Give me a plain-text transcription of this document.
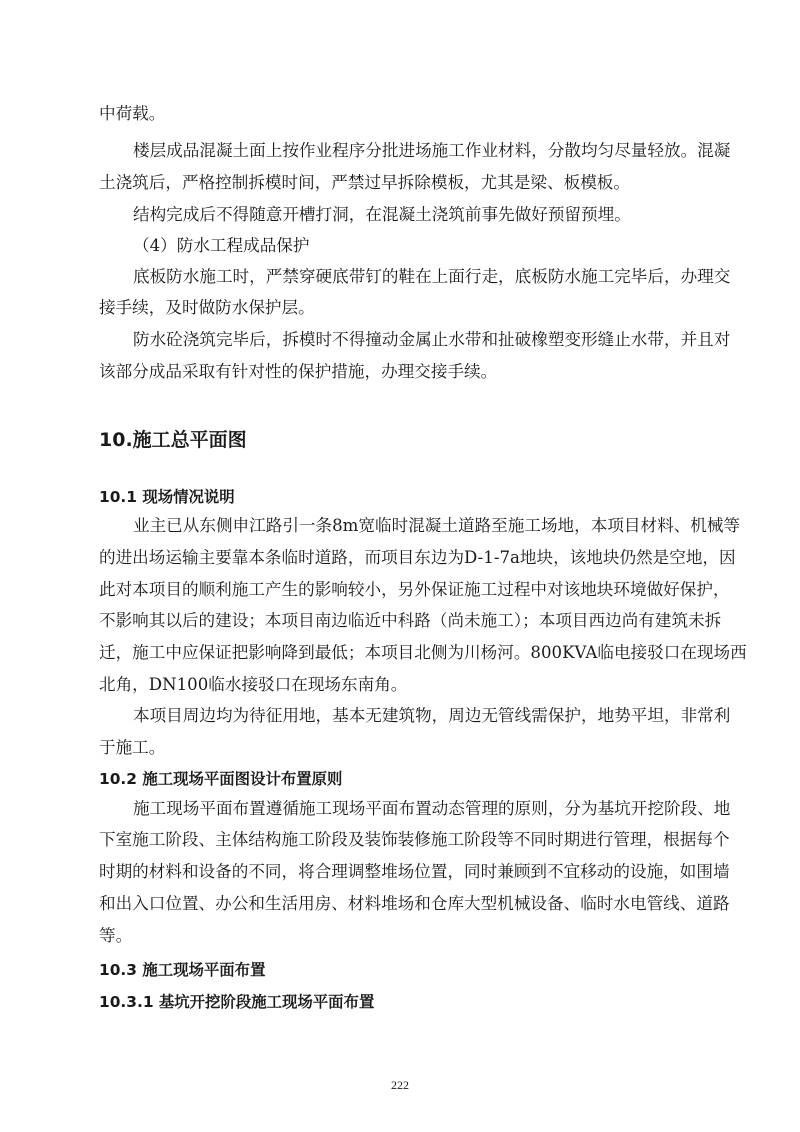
中荷载。
楼层成品混凝土面上按作业程序分批进场施工作业材料，分散均匀尽量轻放。混凝
土浇筑后，严格控制拆模时间，严禁过早拆除模板，尤其是梁、板模板。
结构完成后不得随意开槽打洞，在混凝土浇筑前事先做好预留预埋。
（4）防水工程成品保护
底板防水施工时，严禁穿硬底带钉的鞋在上面行走，底板防水施工完毕后，办理交
接手续，及时做防水保护层。
防水砼浇筑完毕后，拆模时不得撞动金属止水带和扯破橡塑变形缝止水带，并且对
该部分成品采取有针对性的保护措施，办理交接手续。
10.施工总平面图
10.1 现场情况说明
业主已从东侧申江路引一条8m宽临时混凝土道路至施工场地，本项目材料、机械等
的进出场运输主要靠本条临时道路，而项目东边为D-1-7a地块，该地块仍然是空地，因
此对本项目的顺利施工产生的影响较小，另外保证施工过程中对该地块环境做好保护，
不影响其以后的建设；本项目南边临近中科路（尚未施工）；本项目西边尚有建筑未拆
迁，施工中应保证把影响降到最低；本项目北侧为川杨河。800KVA临电接驳口在现场西
北角，DN100临水接驳口在现场东南角。
本项目周边均为待征用地，基本无建筑物，周边无管线需保护，地势平坦，非常利
于施工。
10.2 施工现场平面图设计布置原则
施工现场平面布置遵循施工现场平面布置动态管理的原则，分为基坑开挖阶段、地
下室施工阶段、主体结构施工阶段及装饰装修施工阶段等不同时期进行管理，根据每个
时期的材料和设备的不同，将合理调整堆场位置，同时兼顾到不宜移动的设施，如围墙
和出入口位置、办公和生活用房、材料堆场和仓库大型机械设备、临时水电管线、道路
等。
10.3 施工现场平面布置
10.3.1 基坑开挖阶段施工现场平面布置
222
